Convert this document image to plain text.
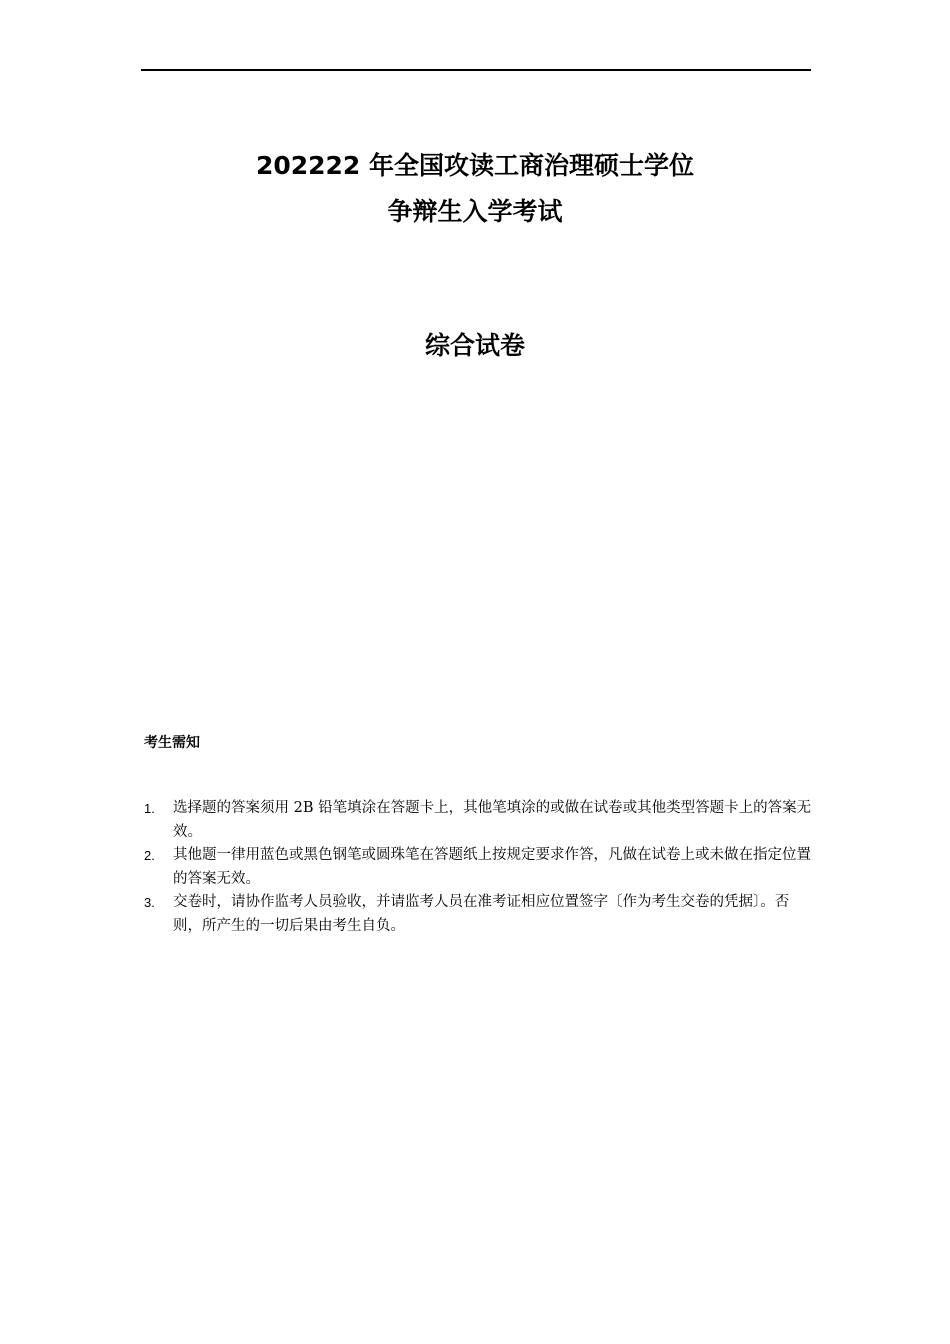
202222 年全国攻读工商治理硕士学位
争辩生入学考试
综合试卷
考生需知
1. 选择题的答案须用 2B 铅笔填涂在答题卡上，其他笔填涂的或做在试卷或其他类型答题卡上的答案无效。
2. 其他题一律用蓝色或黑色钢笔或圆珠笔在答题纸上按规定要求作答，凡做在试卷上或未做在指定位置的答案无效。
3. 交卷时，请协作监考人员验收，并请监考人员在准考证相应位置签字〔作为考生交卷的凭据〕。否则，所产生的一切后果由考生自负。
